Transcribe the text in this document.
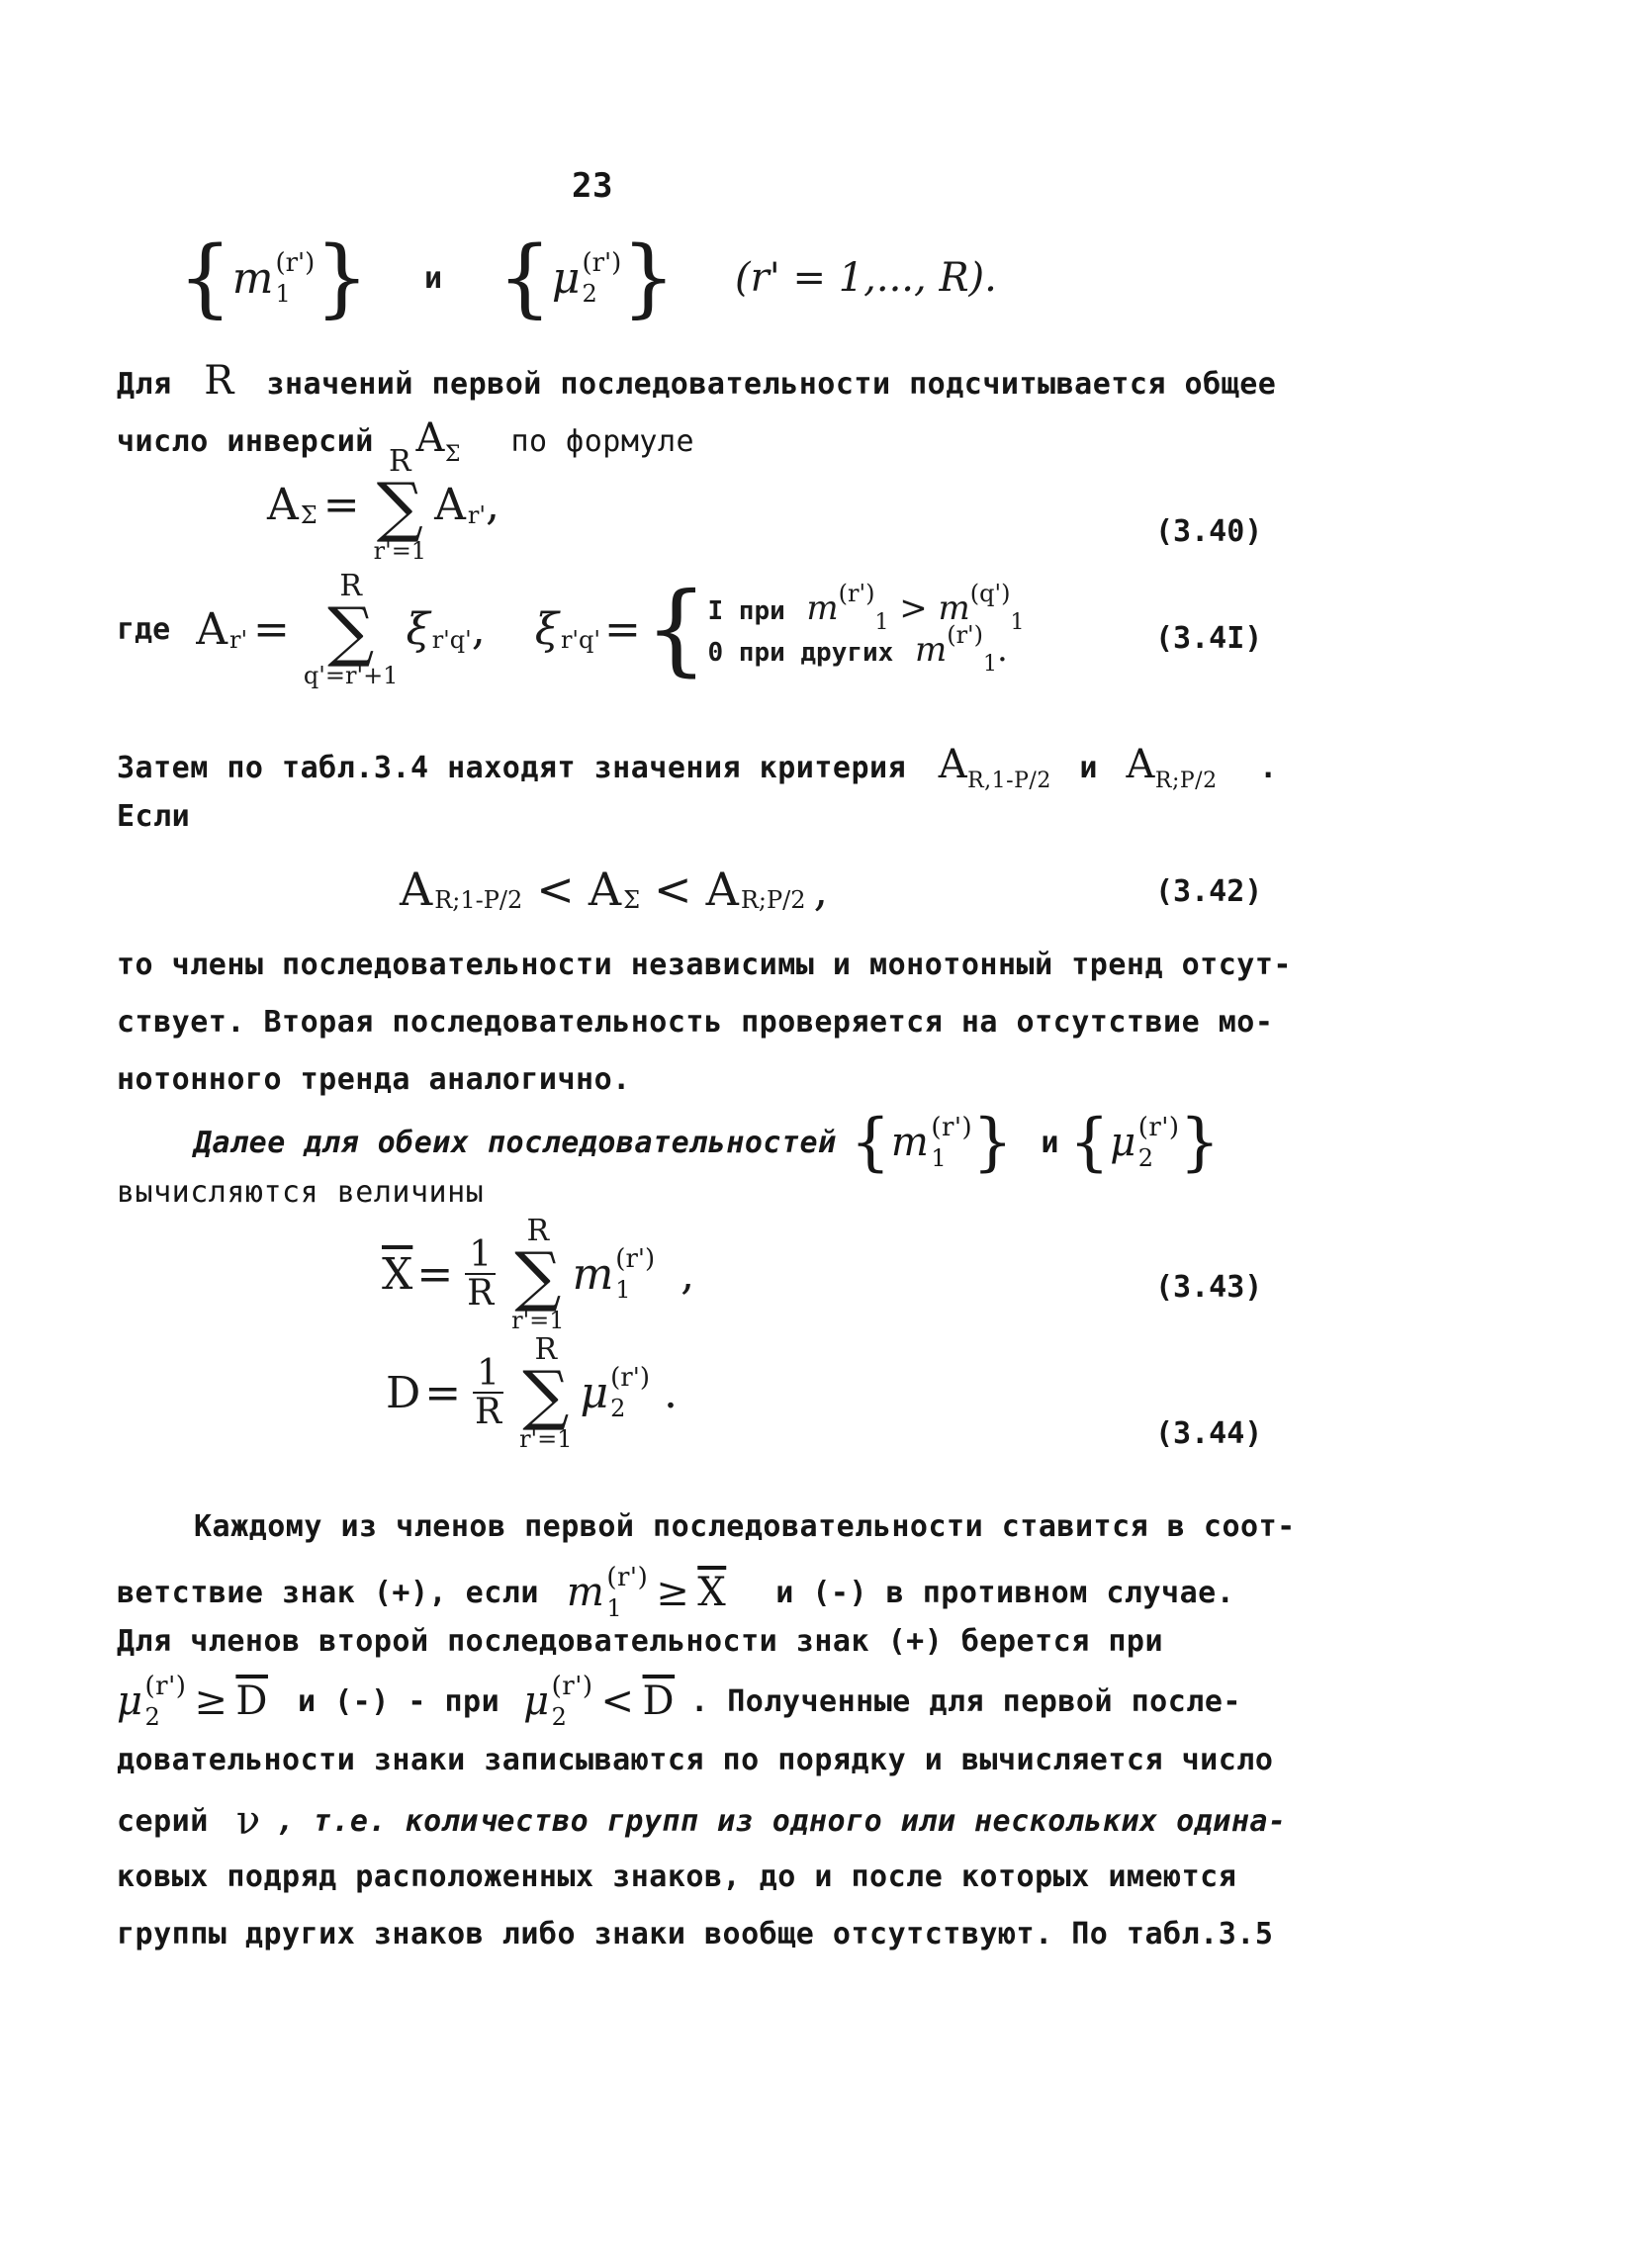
23
{ m (r')
1 } и { μ (r')
2 } (r' = 1,..., R).
Для R значений первой последовательности подсчитывается общее
число инверсий $A_\Sigma$ по формуле
A Σ =
R
∑
r'=1
A r' ,
(3.40)
где A r' =
R
∑
q'=r'+1
ξ r'q' , ξ r'q' = { I при $m^{(r')}_1 > m^{(q')}_1$
0 при других $m^{(r')}_1$.	(3.4I)
Затем по табл.3.4 находят значения критерия $A_{R,1-P/2}$ и $A_{R;P/2}$ .
Если
A R;1-P/2 < A Σ < A R;P/2 ,	(3.42)
то члены последовательности независимы и монотонный тренд отсут-
ствует. Вторая последовательность проверяется на отсутствие мо-
нотонного тренда аналогично.
Далее для обеих последовательностей { m (r')
1 } и { μ (r')
2 }
вычисляются величины
$\overline{X} = \frac{1}{R}$
R
∑
r'=1
m (r')
1	,	(3.43)
$D = \frac{1}{R}$
R
∑
r'=1
μ (r')
2 .
(3.44)
Каждому из членов первой последовательности ставится в соот-
ветствие знак (+), если m (r')
$1 \ge \overline{X}$ и (-) в противном случае.
Для членов второй последовательности знак (+) берется при
μ (r')
$2 \ge \overline{D}$ и (-) - при μ (r')
$2 < \overline{D}$ . Полученные для первой после-
довательности знаки записываются по порядку и вычисляется число
серий ν , т.е. количество групп из одного или нескольких одина-
ковых подряд расположенных знаков, до и после которых имеются
группы других знаков либо знаки вообще отсутствуют. По табл.3.5
